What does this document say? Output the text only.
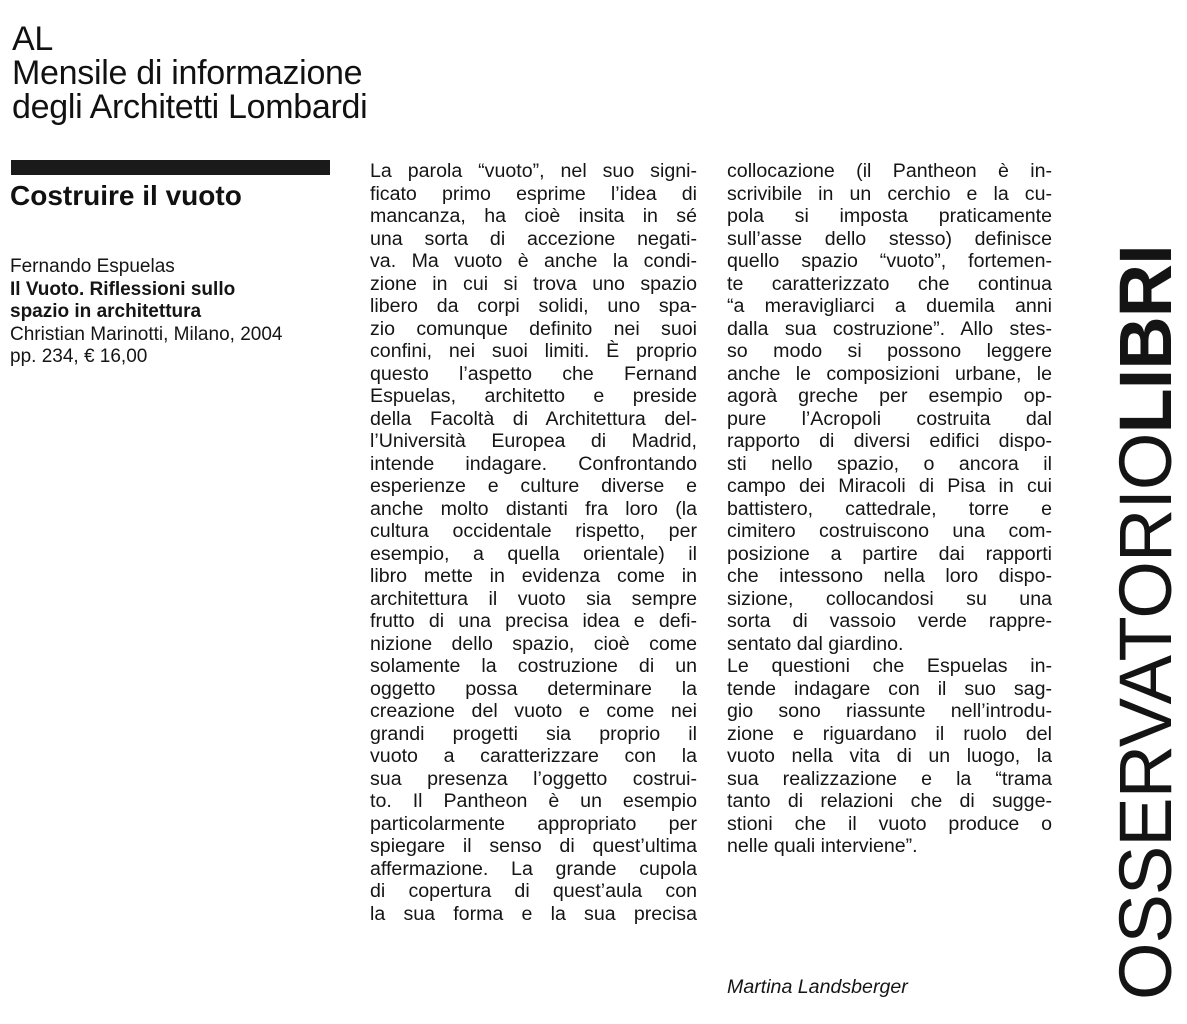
AL
Mensile di informazione
degli Architetti Lombardi
Costruire il vuoto
Fernando Espuelas
Il Vuoto. Riflessioni sullo
spazio in architettura
Christian Marinotti, Milano, 2004
pp. 234, € 16,00
La parola “vuoto”, nel suo signi-
ficato primo esprime l’idea di
mancanza, ha cioè insita in sé
una sorta di accezione negati-
va. Ma vuoto è anche la condi-
zione in cui si trova uno spazio
libero da corpi solidi, uno spa-
zio comunque definito nei suoi
confini, nei suoi limiti. È proprio
questo l’aspetto che Fernand
Espuelas, architetto e preside
della Facoltà di Architettura del-
l’Università Europea di Madrid,
intende indagare. Confrontando
esperienze e culture diverse e
anche molto distanti fra loro (la
cultura occidentale rispetto, per
esempio, a quella orientale) il
libro mette in evidenza come in
architettura il vuoto sia sempre
frutto di una precisa idea e defi-
nizione dello spazio, cioè come
solamente la costruzione di un
oggetto possa determinare la
creazione del vuoto e come nei
grandi progetti sia proprio il
vuoto a caratterizzare con la
sua presenza l’oggetto costrui-
to. Il Pantheon è un esempio
particolarmente appropriato per
spiegare il senso di quest’ultima
affermazione. La grande cupola
di copertura di quest’aula con
la sua forma e la sua precisa
collocazione (il Pantheon è in-
scrivibile in un cerchio e la cu-
pola si imposta praticamente
sull’asse dello stesso) definisce
quello spazio “vuoto”, fortemen-
te caratterizzato che continua
“a meravigliarci a duemila anni
dalla sua costruzione”. Allo stes-
so modo si possono leggere
anche le composizioni urbane, le
agorà greche per esempio op-
pure l’Acropoli costruita dal
rapporto di diversi edifici dispo-
sti nello spazio, o ancora il
campo dei Miracoli di Pisa in cui
battistero, cattedrale, torre e
cimitero costruiscono una com-
posizione a partire dai rapporti
che intessono nella loro dispo-
sizione, collocandosi su una
sorta di vassoio verde rappre-
sentato dal giardino.
Le questioni che Espuelas in-
tende indagare con il suo sag-
gio sono riassunte nell’introdu-
zione e riguardano il ruolo del
vuoto nella vita di un luogo, la
sua realizzazione e la “trama
tanto di relazioni che di sugge-
stioni che il vuoto produce o
nelle quali interviene”.
Martina Landsberger	OSSERVATORIOLIBRI
